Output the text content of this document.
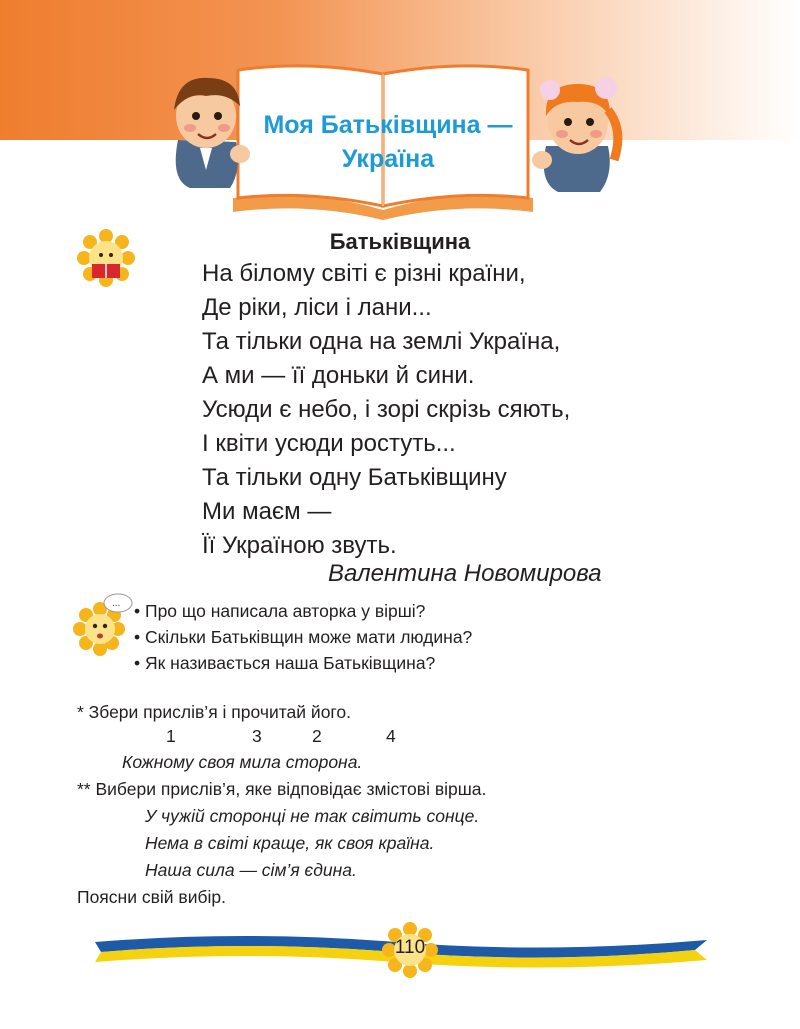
Моя Батьківщина —
Україна
Батьківщина
На білому світі є різні країни,
Де ріки, ліси і лани...
Та тільки одна на землі Україна,
А ми — її доньки й сини.
Усюди є небо, і зорі скрізь сяють,
І квіти усюди ростуть...
Та тільки одну Батьківщину
Ми маєм —
Її Україною звуть.
Валентина Новомирова
...
•	Про що написала авторка у вірші?
• Скільки Батьківщин може мати людина?
• Як називається наша Батьківщина?
* Збери прислів’я і прочитай його.
1	3	2	4
Кожному своя мила сторона.
** Вибери прислів’я, яке відповідає змістові вірша.
У чужій сторонці не так світить сонце.
Нема в світі краще, як своя країна.
Наша сила — сім’я єдина.
Поясни свій вибір.
110
